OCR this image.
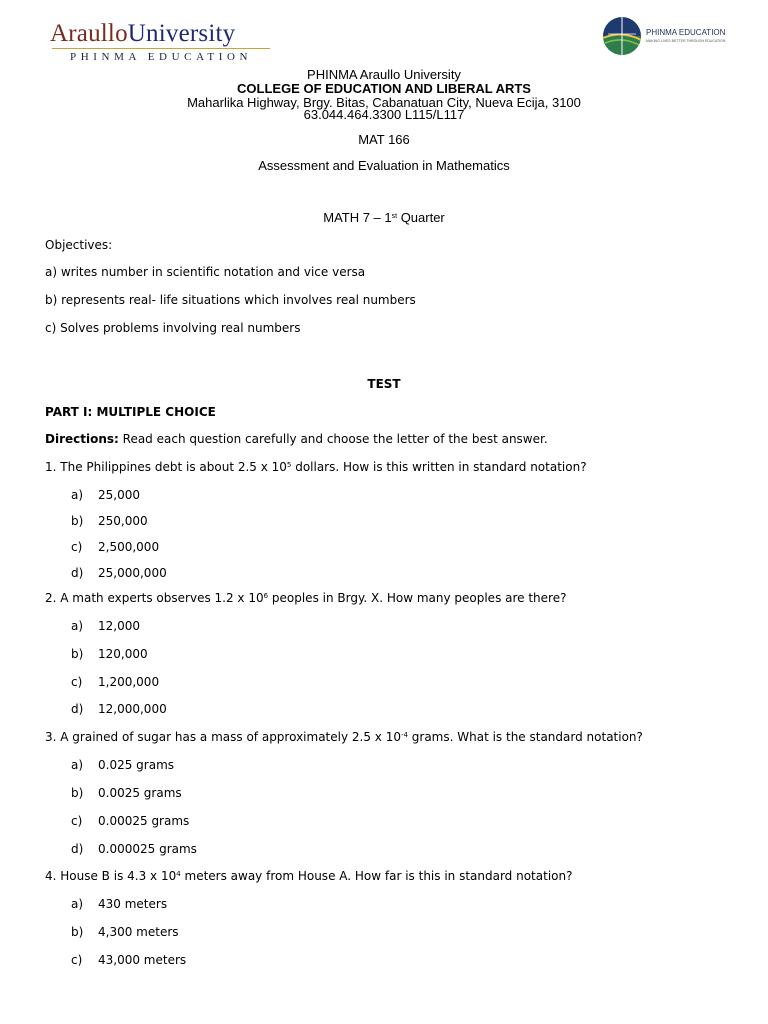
AraulloUniversity
PHINMA EDUCATION
PHINMA EDUCATION
MAKING LIVES BETTER THROUGH EDUCATION
PHINMA Araullo University
COLLEGE OF EDUCATION AND LIBERAL ARTS
Maharlika Highway, Brgy. Bitas, Cabanatuan City, Nueva Ecija, 3100
63.044.464.3300 L115/L117
MAT 166
Assessment and Evaluation in Mathematics
MATH 7 – 1st Quarter
Objectives:
a) writes number in scientific notation and vice versa
b) represents real- life situations which involves real numbers
c) Solves problems involving real numbers
TEST
PART I: MULTIPLE CHOICE
Directions: Read each question carefully and choose the letter of the best answer.
1. The Philippines debt is about 2.5 x $10^5$ dollars. How is this written in standard notation?
a) 25,000
b) 250,000
c) 2,500,000
d) 25,000,000
2. A math experts observes 1.2 x $10^6$ peoples in Brgy. X. How many peoples are there?
a) 12,000
b) 120,000
c) 1,200,000
d) 12,000,000
3. A grained of sugar has a mass of approximately 2.5 x $10^{-4}$ grams. What is the standard notation?
a) 0.025 grams
b) 0.0025 grams
c) 0.00025 grams
d) 0.000025 grams
4. House B is 4.3 x $10^4$ meters away from House A. How far is this in standard notation?
a) 430 meters
b) 4,300 meters
c) 43,000 meters
